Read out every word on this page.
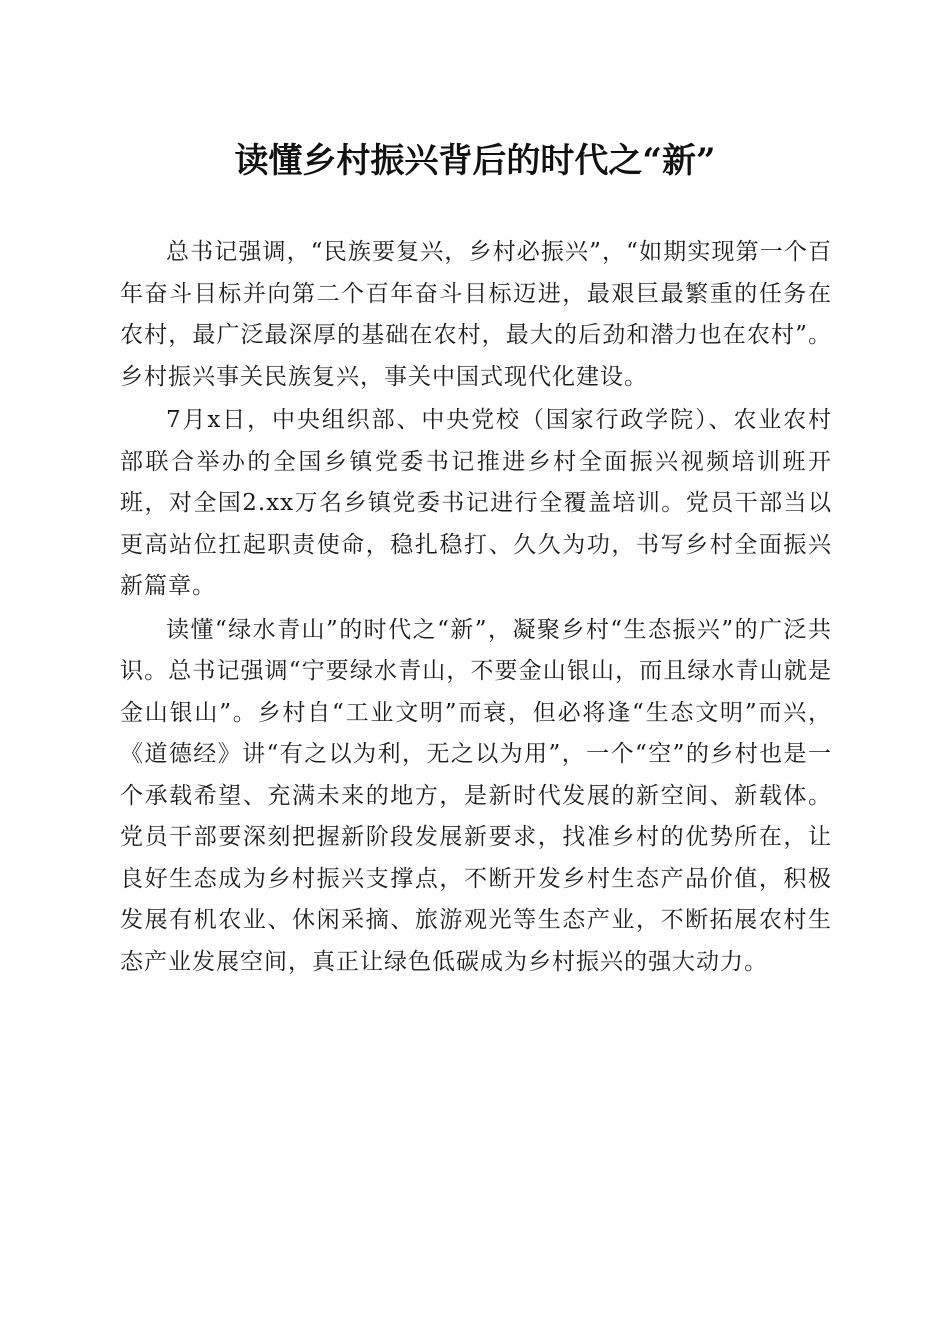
读懂乡村振兴背后的时代之“新”

总书记强调，“民族要复兴，乡村必振兴”，“如期实现第一个百年奋斗目标并向第二个百年奋斗目标迈进，最艰巨最繁重的任务在农村，最广泛最深厚的基础在农村，最大的后劲和潜力也在农村”。乡村振兴事关民族复兴，事关中国式现代化建设。

7月x日，中央组织部、中央党校（国家行政学院）、农业农村部联合举办的全国乡镇党委书记推进乡村全面振兴视频培训班开班，对全国2.xx万名乡镇党委书记进行全覆盖培训。党员干部当以更高站位扛起职责使命，稳扎稳打、久久为功，书写乡村全面振兴新篇章。

读懂“绿水青山”的时代之“新”，凝聚乡村“生态振兴”的广泛共识。总书记强调“宁要绿水青山，不要金山银山，而且绿水青山就是金山银山”。乡村自“工业文明”而衰，但必将逢“生态文明”而兴，《道德经》讲“有之以为利，无之以为用”，一个“空”的乡村也是一个承载希望、充满未来的地方，是新时代发展的新空间、新载体。党员干部要深刻把握新阶段发展新要求，找准乡村的优势所在，让良好生态成为乡村振兴支撑点，不断开发乡村生态产品价值，积极发展有机农业、休闲采摘、旅游观光等生态产业，不断拓展农村生态产业发展空间，真正让绿色低碳成为乡村振兴的强大动力。
